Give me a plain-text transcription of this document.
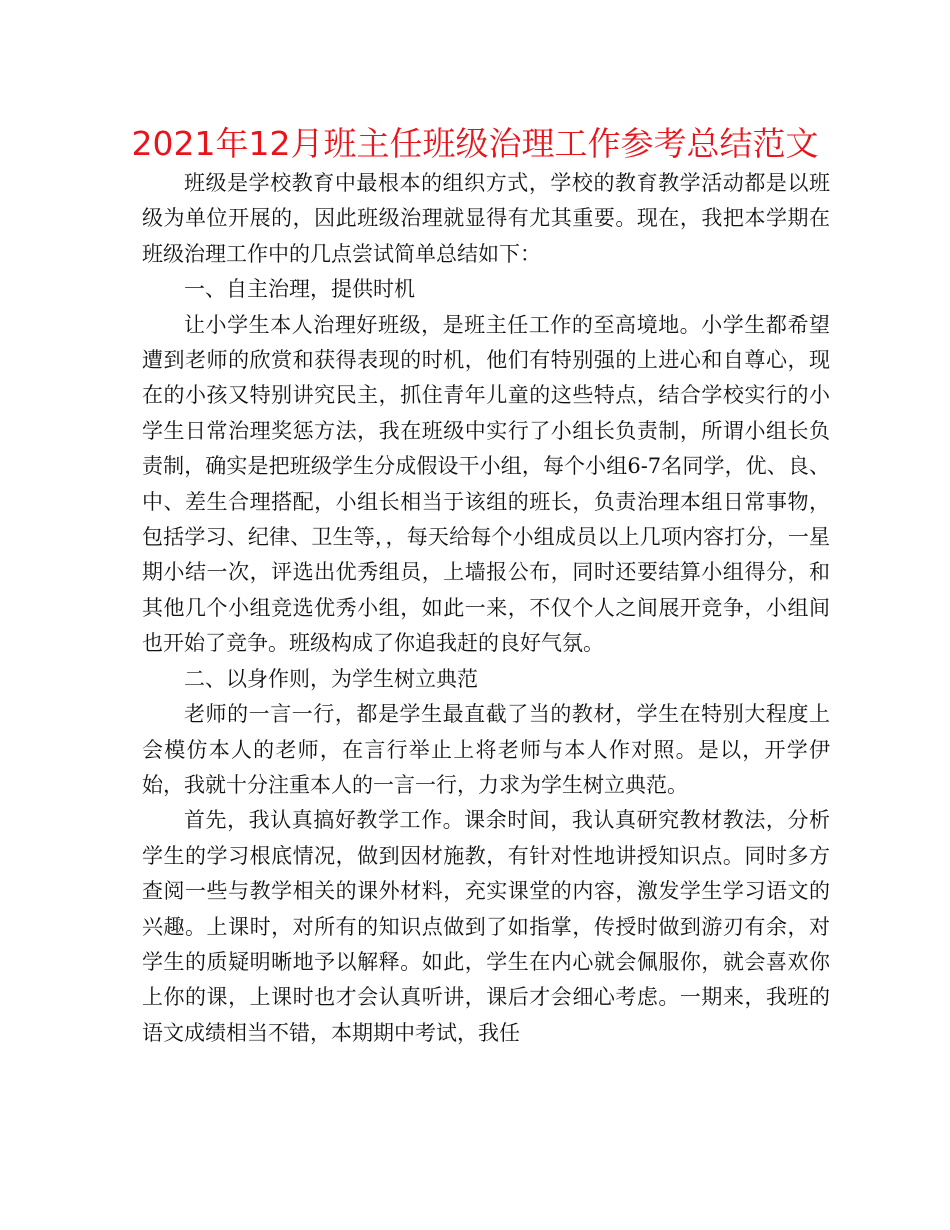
2021年12月班主任班级治理工作参考总结范文

班级是学校教育中最根本的组织方式，学校的教育教学活动都是以班级为单位开展的，因此班级治理就显得有尤其重要。现在，我把本学期在班级治理工作中的几点尝试简单总结如下：

一、自主治理，提供时机

让小学生本人治理好班级，是班主任工作的至高境地。小学生都希望遭到老师的欣赏和获得表现的时机，他们有特别强的上进心和自尊心，现在的小孩又特别讲究民主，抓住青年儿童的这些特点，结合学校实行的小学生日常治理奖惩方法，我在班级中实行了小组长负责制，所谓小组长负责制，确实是把班级学生分成假设干小组，每个小组6-7名同学，优、良、中、差生合理搭配，小组长相当于该组的班长，负责治理本组日常事物，包括学习、纪律、卫生等，，每天给每个小组成员以上几项内容打分，一星期小结一次，评选出优秀组员，上墙报公布，同时还要结算小组得分，和其他几个小组竞选优秀小组，如此一来，不仅个人之间展开竞争，小组间也开始了竞争。班级构成了你追我赶的良好气氛。

二、以身作则，为学生树立典范

老师的一言一行，都是学生最直截了当的教材，学生在特别大程度上会模仿本人的老师，在言行举止上将老师与本人作对照。是以，开学伊始，我就十分注重本人的一言一行，力求为学生树立典范。

首先，我认真搞好教学工作。课余时间，我认真研究教材教法，分析学生的学习根底情况，做到因材施教，有针对性地讲授知识点。同时多方查阅一些与教学相关的课外材料，充实课堂的内容，激发学生学习语文的兴趣。上课时，对所有的知识点做到了如指掌，传授时做到游刃有余，对学生的质疑明晰地予以解释。如此，学生在内心就会佩服你，就会喜欢你上你的课，上课时也才会认真听讲，课后才会细心考虑。一期来，我班的语文成绩相当不错，本期期中考试，我任
